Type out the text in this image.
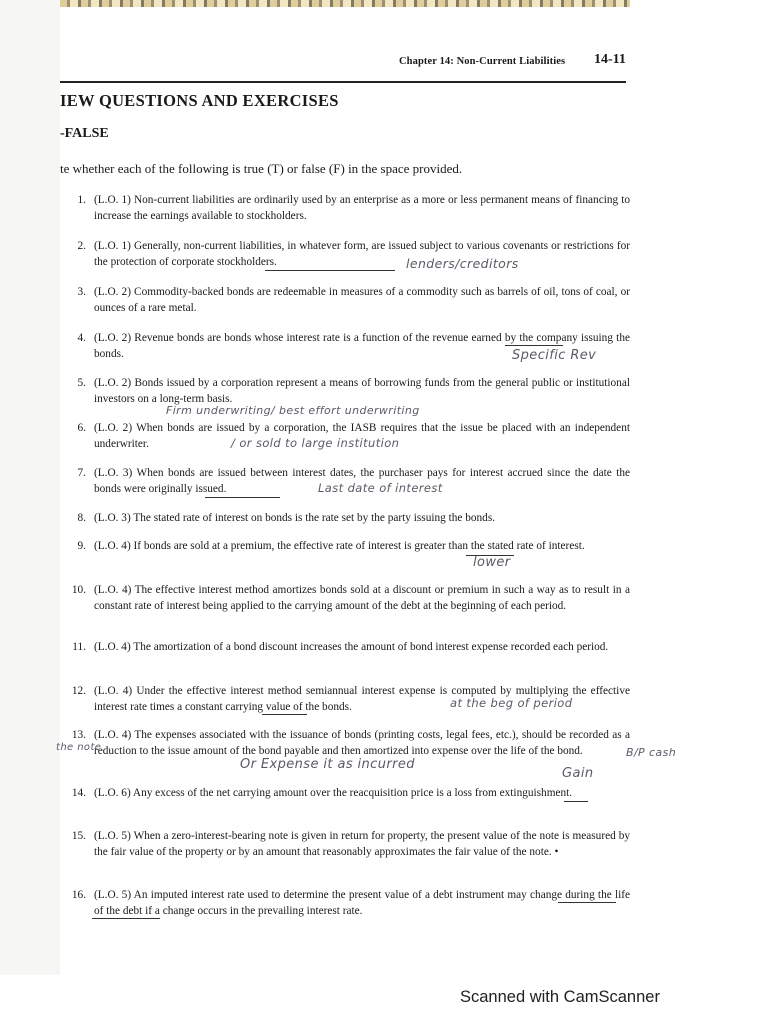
Chapter 14: Non-Current Liabilities 14-11
IEW QUESTIONS AND EXERCISES
-FALSE
te whether each of the following is true (T) or false (F) in the space provided.
1. (L.O. 1) Non-current liabilities are ordinarily used by an enterprise as a more or less permanent means of financing to increase the earnings available to stockholders.
2. (L.O. 1) Generally, non-current liabilities, in whatever form, are issued subject to various covenants or restrictions for the protection of corporate stockholders.
3. (L.O. 2) Commodity-backed bonds are redeemable in measures of a commodity such as barrels of oil, tons of coal, or ounces of a rare metal.
4. (L.O. 2) Revenue bonds are bonds whose interest rate is a function of the revenue earned by the company issuing the bonds.
5. (L.O. 2) Bonds issued by a corporation represent a means of borrowing funds from the general public or institutional investors on a long-term basis.
6. (L.O. 2) When bonds are issued by a corporation, the IASB requires that the issue be placed with an independent underwriter.
7. (L.O. 3) When bonds are issued between interest dates, the purchaser pays for interest accrued since the date the bonds were originally issued.
8. (L.O. 3) The stated rate of interest on bonds is the rate set by the party issuing the bonds.
9. (L.O. 4) If bonds are sold at a premium, the effective rate of interest is greater than the stated rate of interest.
10. (L.O. 4) The effective interest method amortizes bonds sold at a discount or premium in such a way as to result in a constant rate of interest being applied to the carrying amount of the debt at the beginning of each period.
11. (L.O. 4) The amortization of a bond discount increases the amount of bond interest expense recorded each period.
12. (L.O. 4) Under the effective interest method semiannual interest expense is computed by multiplying the effective interest rate times a constant carrying value of the bonds.
13. (L.O. 4) The expenses associated with the issuance of bonds (printing costs, legal fees, etc.), should be recorded as a reduction to the issue amount of the bond payable and then amortized into expense over the life of the bond.
14. (L.O. 6) Any excess of the net carrying amount over the reacquisition price is a loss from extinguishment.
15. (L.O. 5) When a zero-interest-bearing note is given in return for property, the present value of the note is measured by the fair value of the property or by an amount that reasonably approximates the fair value of the note. •
16. (L.O. 5) An imputed interest rate used to determine the present value of a debt instrument may change during the life of the debt if a change occurs in the prevailing interest rate.
lenders/creditors
Specific Rev
Firm underwriting/ best effort underwriting
/ or sold to large institution
Last date of interest
lower
at the beg of period
the note
Or Expense it as incurred
B/P cash
Gain
Scanned with CamScanner
